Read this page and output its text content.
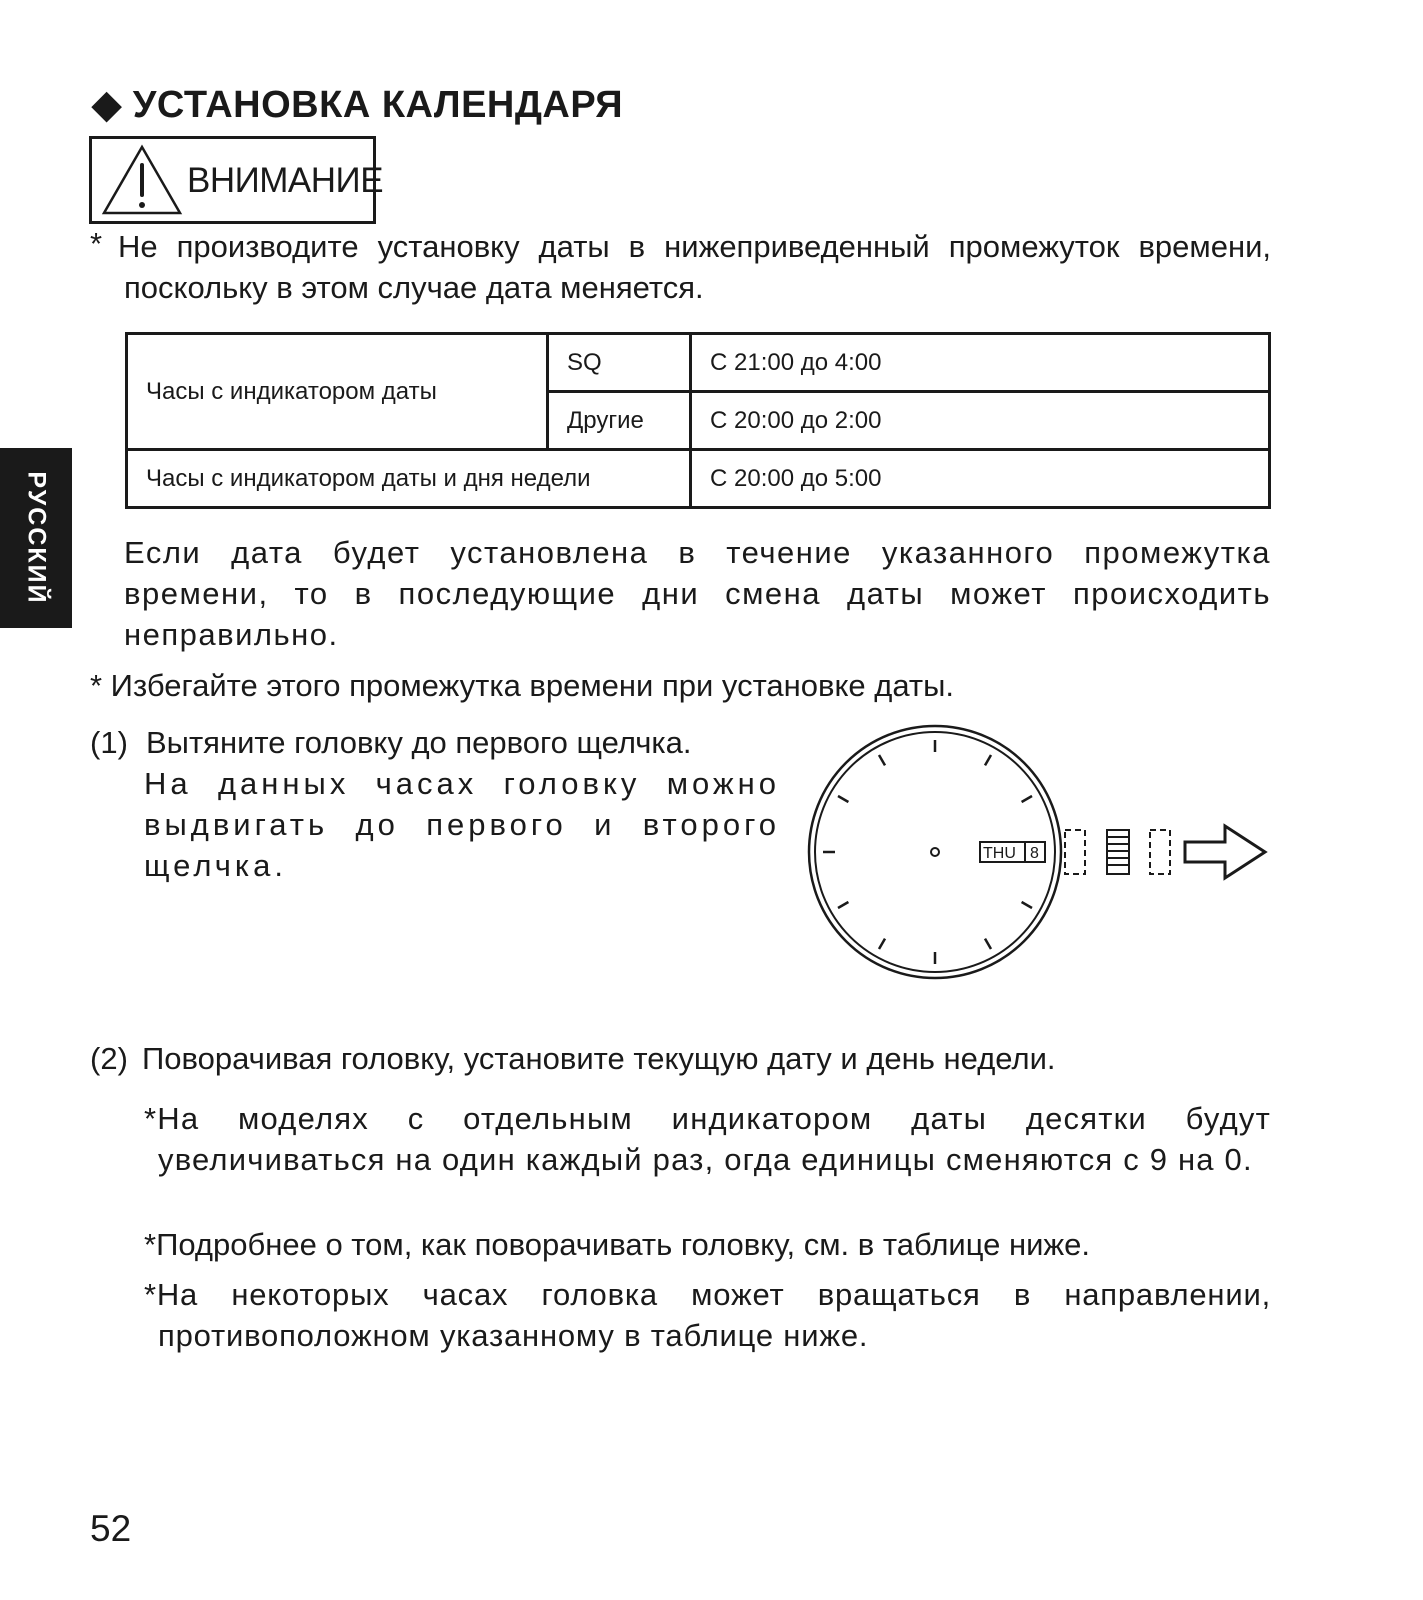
◆ УСТАНОВКА КАЛЕНДАРЯ
ВНИМАНИЕ
* Не производите установку даты в нижеприведенный промежуток времени, поскольку в этом случае дата меняется.
Часы с индикатором даты	SQ	С 21:00 до 4:00
	Другие	С 20:00 до 2:00
Часы с индикатором даты и дня недели		С 20:00 до 5:00
РУССКИЙ Если дата будет установлена в течение указанного промежутка времени, то в последующие дни смена даты может происходить неправильно.
* Избегайте этого промежутка времени при установке даты.
(1) Вытяните головку до первого щелчка.
На данных часах головку можно выдвигать до первого и второго щелчка.	THU 8
(2) Поворачивая головку, установите текущую дату и день недели.
*На моделях с отдельным индикатором даты десятки будут увеличиваться на один каждый раз, огда единицы сменяются с 9 на 0.
*Подробнее о том, как поворачивать головку, см. в таблице ниже.
*На некоторых часах головка может вращаться в направлении, противоположном указанному в таблице ниже.
52
